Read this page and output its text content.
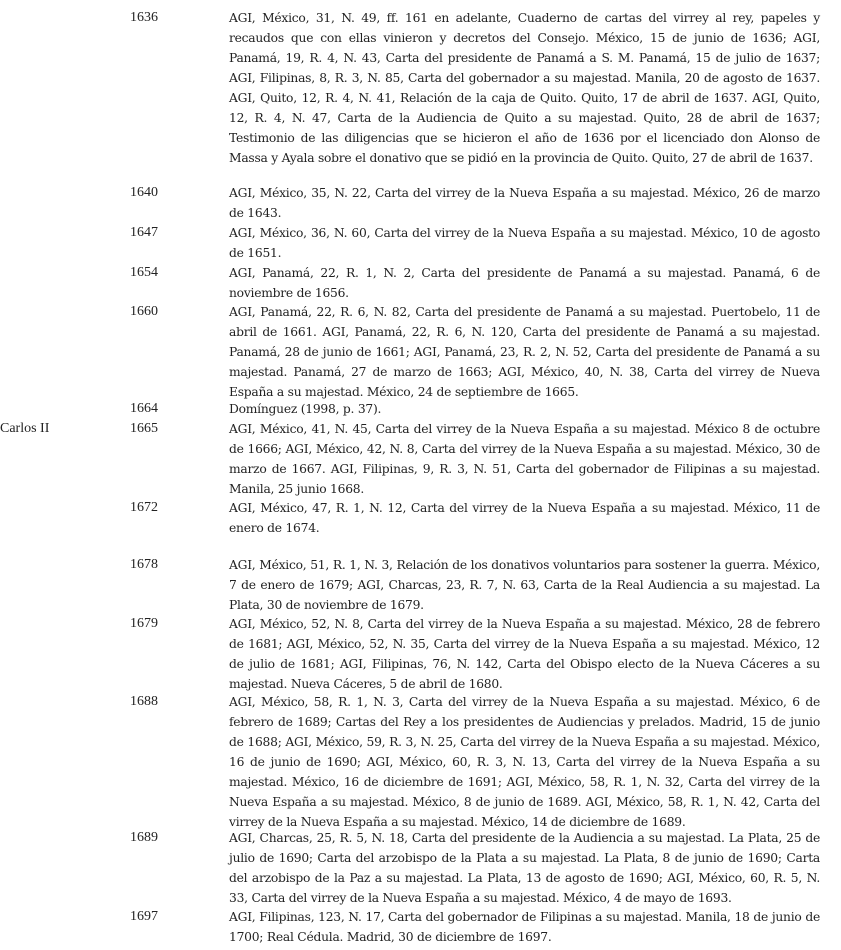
1636	AGI, México, 31, N. 49, ff. 161 en adelante, Cuaderno de cartas del virrey al rey, papeles y recaudos que con ellas vinieron y decretos del Consejo. México, 15 de junio de 1636; AGI, Panamá, 19, R. 4, N. 43, Carta del presidente de Panamá a S. M. Panamá, 15 de julio de 1637; AGI, Filipinas, 8, R. 3, N. 85, Carta del gobernador a su majestad. Manila, 20 de agosto de 1637. AGI, Quito, 12, R. 4, N. 41, Relación de la caja de Quito. Quito, 17 de abril de 1637. AGI, Quito, 12, R. 4, N. 47, Carta de la Audiencia de Quito a su majestad. Quito, 28 de abril de 1637; Testimonio de las diligencias que se hicieron el año de 1636 por el licenciado don Alonso de Massa y Ayala sobre el donativo que se pidió en la provincia de Quito. Quito, 27 de abril de 1637.

1640	AGI, México, 35, N. 22, Carta del virrey de la Nueva España a su majestad. México, 26 de marzo de 1643.

1647	AGI, México, 36, N. 60, Carta del virrey de la Nueva España a su majestad. México, 10 de agosto de 1651.

1654	AGI, Panamá, 22, R. 1, N. 2, Carta del presidente de Panamá a su majestad. Panamá, 6 de noviembre de 1656.

1660	AGI, Panamá, 22, R. 6, N. 82, Carta del presidente de Panamá a su majestad. Puertobelo, 11 de abril de 1661. AGI, Panamá, 22, R. 6, N. 120, Carta del presidente de Panamá a su majestad. Panamá, 28 de junio de 1661; AGI, Panamá, 23, R. 2, N. 52, Carta del presidente de Panamá a su majestad. Panamá, 27 de marzo de 1663; AGI, México, 40, N. 38, Carta del virrey de Nueva España a su majestad. México, 24 de septiembre de 1665.

1664	Domínguez (1998, p. 37).

Carlos II	1665	AGI, México, 41, N. 45, Carta del virrey de la Nueva España a su majestad. México 8 de octubre de 1666; AGI, México, 42, N. 8, Carta del virrey de la Nueva España a su majestad. México, 30 de marzo de 1667. AGI, Filipinas, 9, R. 3, N. 51, Carta del gobernador de Filipinas a su majestad. Manila, 25 junio 1668.

1672	AGI, México, 47, R. 1, N. 12, Carta del virrey de la Nueva España a su majestad. México, 11 de enero de 1674.

1678	AGI, México, 51, R. 1, N. 3, Relación de los donativos voluntarios para sostener la guerra. México, 7 de enero de 1679; AGI, Charcas, 23, R. 7, N. 63, Carta de la Real Audiencia a su majestad. La Plata, 30 de noviembre de 1679.

1679	AGI, México, 52, N. 8, Carta del virrey de la Nueva España a su majestad. México, 28 de febrero de 1681; AGI, México, 52, N. 35, Carta del virrey de la Nueva España a su majestad. México, 12 de julio de 1681; AGI, Filipinas, 76, N. 142, Carta del Obispo electo de la Nueva Cáceres a su majestad. Nueva Cáceres, 5 de abril de 1680.

1688	AGI, México, 58, R. 1, N. 3, Carta del virrey de la Nueva España a su majestad. México, 6 de febrero de 1689; Cartas del Rey a los presidentes de Audiencias y prelados. Madrid, 15 de junio de 1688; AGI, México, 59, R. 3, N. 25, Carta del virrey de la Nueva España a su majestad. México, 16 de junio de 1690; AGI, México, 60, R. 3, N. 13, Carta del virrey de la Nueva España a su majestad. México, 16 de diciembre de 1691; AGI, México, 58, R. 1, N. 32, Carta del virrey de la Nueva España a su majestad. México, 8 de junio de 1689. AGI, México, 58, R. 1, N. 42, Carta del virrey de la Nueva España a su majestad. México, 14 de diciembre de 1689.

1689	AGI, Charcas, 25, R. 5, N. 18, Carta del presidente de la Audiencia a su majestad. La Plata, 25 de julio de 1690; Carta del arzobispo de la Plata a su majestad. La Plata, 8 de junio de 1690; Carta del arzobispo de la Paz a su majestad. La Plata, 13 de agosto de 1690; AGI, México, 60, R. 5, N. 33, Carta del virrey de la Nueva España a su majestad. México, 4 de mayo de 1693.

1697	AGI, Filipinas, 123, N. 17, Carta del gobernador de Filipinas a su majestad. Manila, 18 de junio de 1700; Real Cédula. Madrid, 30 de diciembre de 1697.
